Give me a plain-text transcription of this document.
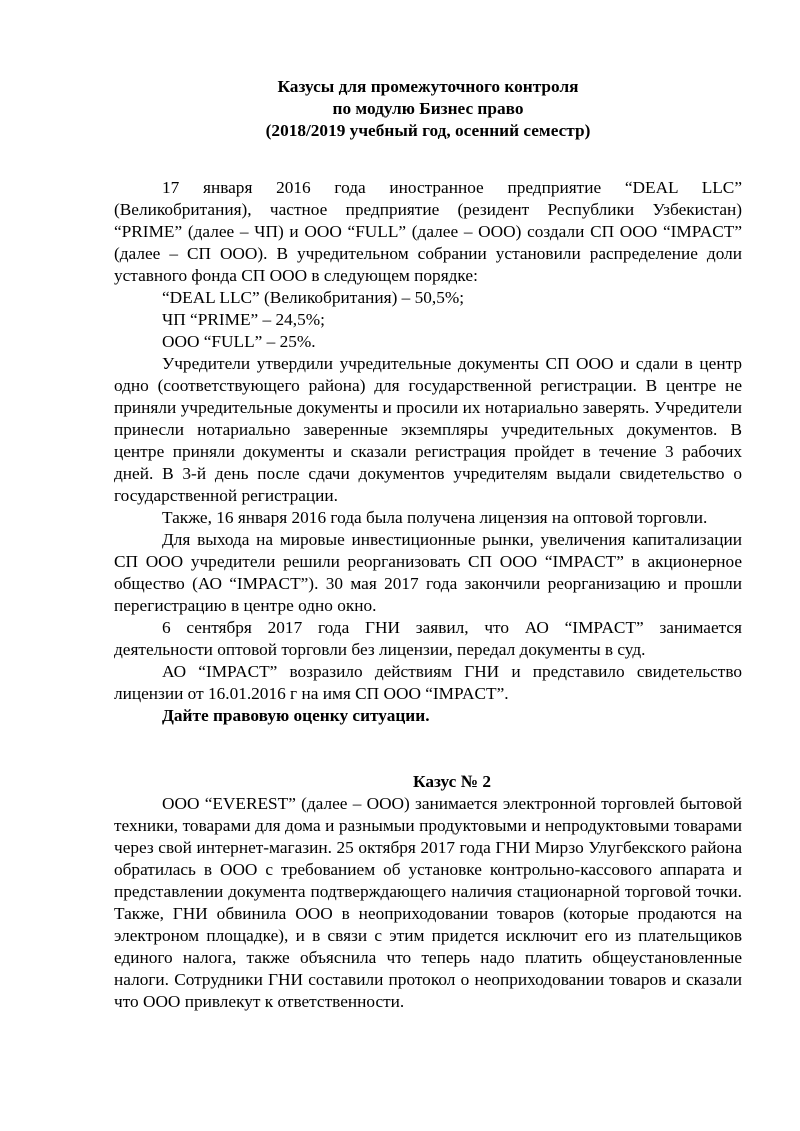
Казусы для промежуточного контроля
по модулю Бизнес право
(2018/2019 учебный год, осенний семестр)

17 января 2016 года иностранное предприятие “DEAL LLC” (Великобритания), частное предприятие (резидент Республики Узбекистан) “PRIME” (далее – ЧП) и ООО “FULL” (далее – ООО) создали СП ООО “IMPACT” (далее – СП ООО). В учредительном собрании установили распределение доли уставного фонда СП ООО в следующем порядке:

“DEAL LLC” (Великобритания) – 50,5%;

ЧП “PRIME” – 24,5%;

ООО “FULL” – 25%.

Учредители утвердили учредительные документы СП ООО и сдали в центр одно (соответствующего района) для государственной регистрации. В центре не приняли учредительные документы и просили их нотариально заверять. Учредители принесли нотариально заверенные экземпляры учредительных документов. В центре приняли документы и сказали регистрация пройдет в течение 3 рабочих дней. В 3-й день после сдачи документов учредителям выдали свидетельство о государственной регистрации.

Также, 16 января 2016 года была получена лицензия на оптовой торговли.

Для выхода на мировые инвестиционные рынки, увеличения капитализации СП ООО учредители решили реорганизовать СП ООО “IMPACT” в акционерное общество (АО “IMPACT”). 30 мая 2017 года закончили реорганизацию и прошли перегистрацию в центре одно окно.

6 сентября 2017 года ГНИ заявил, что АО “IMPACT” занимается деятельности оптовой торговли без лицензии, передал документы в суд.

АО “IMPACT” возразило действиям ГНИ и представило свидетельство лицензии от 16.01.2016 г на имя СП ООО “IMPACT”.

Дайте правовую оценку ситуации.

Казус № 2

ООО “EVEREST” (далее – ООО) занимается электронной торговлей бытовой техники, товарами для дома и разнымыи продуктовыми и непродуктовыми товарами через свой интернет-магазин. 25 октября 2017 года ГНИ Мирзо Улугбекского района обратилась в ООО с требованием об установке контрольно-кассового аппарата и представлении документа подтверждающего наличия стационарной торговой точки. Также, ГНИ обвинила ООО в неоприходовании товаров (которые продаются на электроном площадке), и в связи с этим придется исключит его из плательщиков единого налога, также объяснила что теперь надо платить общеустановленные налоги. Сотрудники ГНИ составили протокол о неоприходовании товаров и сказали что ООО привлекут к ответственности.
